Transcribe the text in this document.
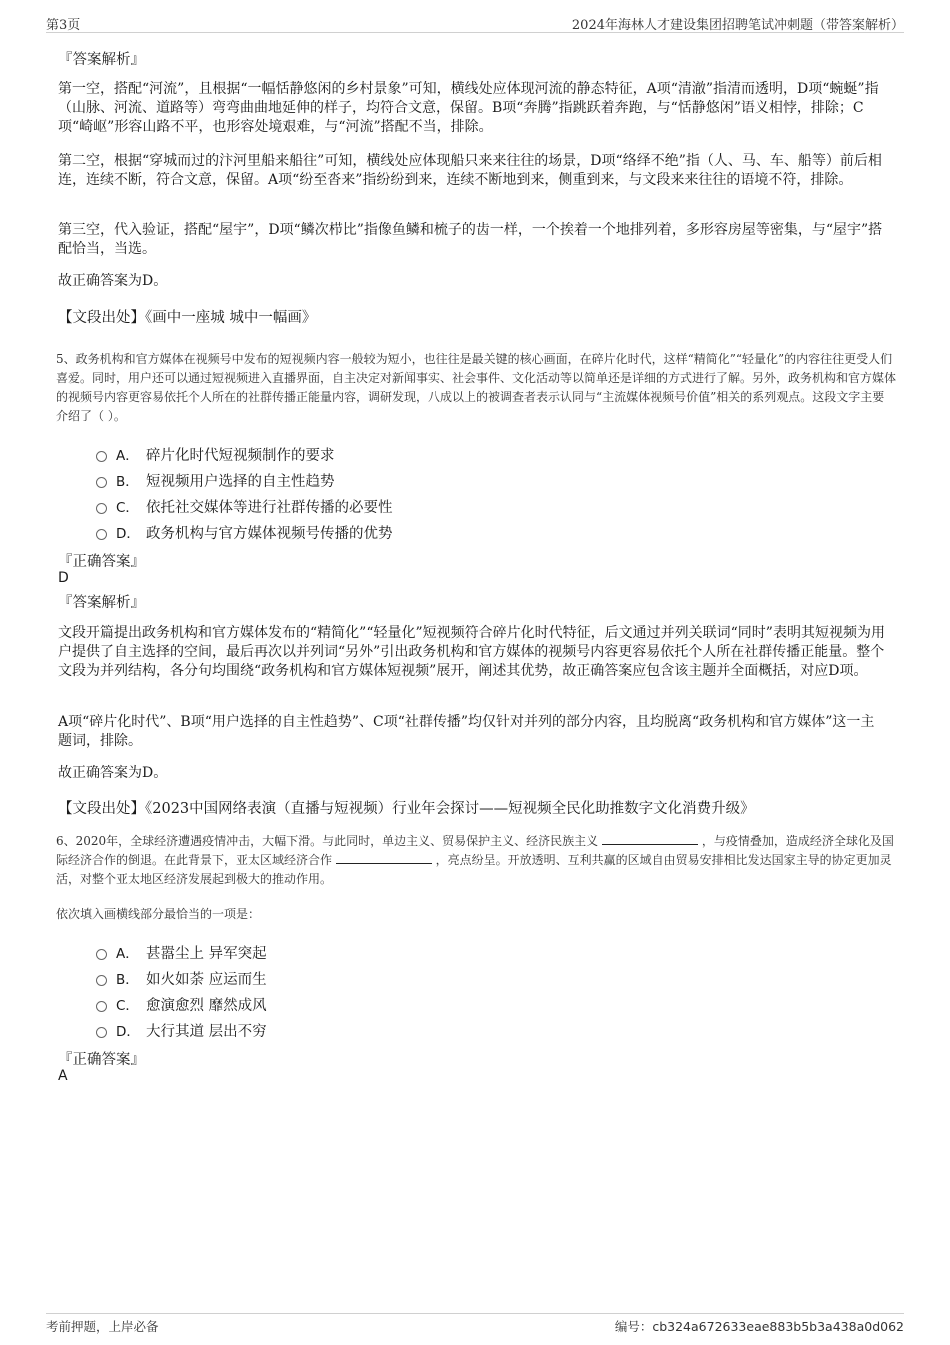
第3页	2024年海林人才建设集团招聘笔试冲刺题（带答案解析）
『答案解析』
第一空，搭配“河流”，且根据“一幅恬静悠闲的乡村景象”可知，横线处应体现河流的静态特征，A项“清澈”指清而透明，D项“蜿蜒”指（山脉、河流、道路等）弯弯曲曲地延伸的样子，均符合文意，保留。B项“奔腾”指跳跃着奔跑，与“恬静悠闲”语义相悖，排除；C项“崎岖”形容山路不平，也形容处境艰难，与“河流”搭配不当，排除。
第二空，根据“穿城而过的汴河里船来船往”可知，横线处应体现船只来来往往的场景，D项“络绎不绝”指（人、马、车、船等）前后相连，连续不断，符合文意，保留。A项“纷至沓来”指纷纷到来，连续不断地到来，侧重到来，与文段来来往往的语境不符，排除。
第三空，代入验证，搭配“屋宇”，D项“鳞次栉比”指像鱼鳞和梳子的齿一样，一个挨着一个地排列着，多形容房屋等密集，与“屋宇”搭配恰当，当选。
故正确答案为D。
【文段出处】《画中一座城 城中一幅画》
5、政务机构和官方媒体在视频号中发布的短视频内容一般较为短小，也往往是最关键的核心画面，在碎片化时代，这样“精简化”“轻量化”的内容往往更受人们喜爱。同时，用户还可以通过短视频进入直播界面，自主决定对新闻事实、社会事件、文化活动等以简单还是详细的方式进行了解。另外，政务机构和官方媒体的视频号内容更容易依托个人所在的社群传播正能量内容，调研发现，八成以上的被调查者表示认同与“主流媒体视频号价值”相关的系列观点。这段文字主要介绍了（ ）。
A． 碎片化时代短视频制作的要求
B． 短视频用户选择的自主性趋势
C． 依托社交媒体等进行社群传播的必要性
D． 政务机构与官方媒体视频号传播的优势
『正确答案』
D
『答案解析』
文段开篇提出政务机构和官方媒体发布的“精简化”“轻量化”短视频符合碎片化时代特征，后文通过并列关联词“同时”表明其短视频为用户提供了自主选择的空间，最后再次以并列词“另外”引出政务机构和官方媒体的视频号内容更容易依托个人所在社群传播正能量。整个文段为并列结构，各分句均围绕“政务机构和官方媒体短视频”展开，阐述其优势，故正确答案应包含该主题并全面概括，对应D项。
A项“碎片化时代”、B项“用户选择的自主性趋势”、C项“社群传播”均仅针对并列的部分内容，且均脱离“政务机构和官方媒体”这一主题词，排除。
故正确答案为D。
【文段出处】《2023中国网络表演（直播与短视频）行业年会探讨——短视频全民化助推数字文化消费升级》
6、2020年，全球经济遭遇疫情冲击，大幅下滑。与此同时，单边主义、贸易保护主义、经济民族主义	，与疫情叠加，造成经济全球化及国际经济合作的倒退。在此背景下，亚太区域经济合作	，亮点纷呈。开放透明、互利共赢的区域自由贸易安排相比发达国家主导的协定更加灵活，对整个亚太地区经济发展起到极大的推动作用。
依次填入画横线部分最恰当的一项是：
A． 甚嚣尘上 异军突起
B． 如火如荼 应运而生
C． 愈演愈烈 靡然成风
D． 大行其道 层出不穷
『正确答案』
A
考前押题，上岸必备	编号：cb324a672633eae883b5b3a438a0d062
